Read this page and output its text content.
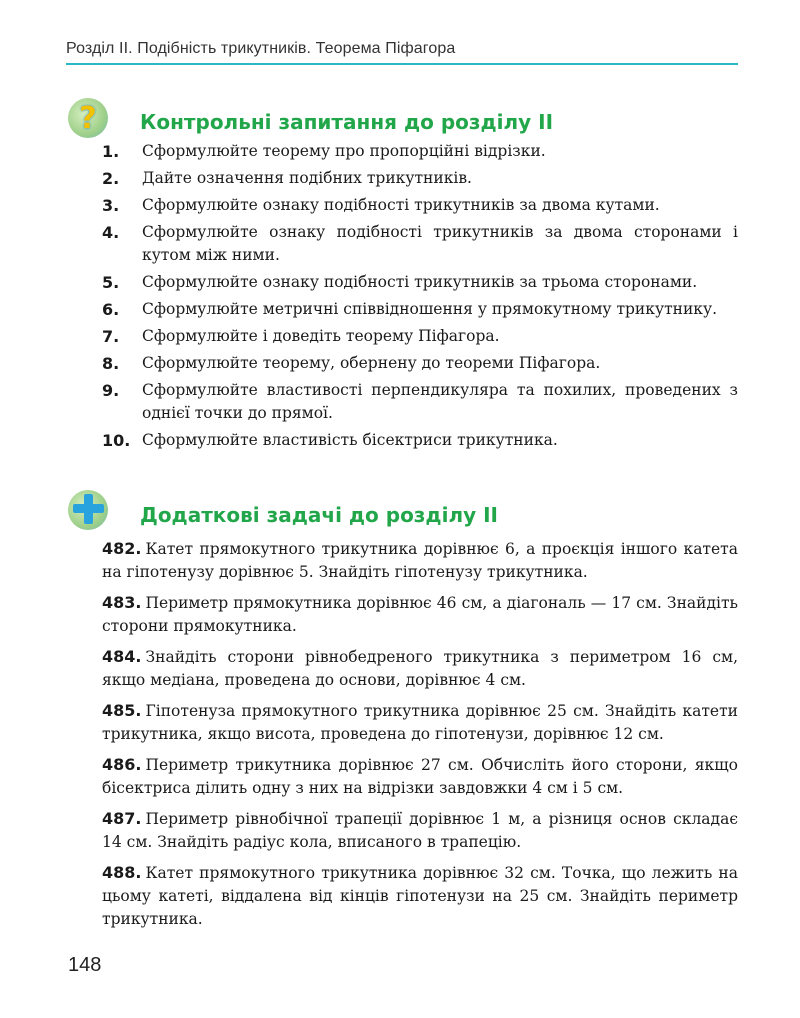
Розділ ІІ. Подібність трикутників. Теорема Піфагора
?	Контрольні запитання до розділу ІІ
1. Сформулюйте теорему про пропорційні відрізки.
2. Дайте означення подібних трикутників.
3. Сформулюйте ознаку подібності трикутників за двома кутами.
4. Сформулюйте ознаку подібності трикутників за двома сторонами і кутом між ними.
5. Сформулюйте ознаку подібності трикутників за трьома сторонами.
6. Сформулюйте метричні співвідношення у прямокутному трикутнику.
7. Сформулюйте і доведіть теорему Піфагора.
8. Сформулюйте теорему, обернену до теореми Піфагора.
9. Сформулюйте властивості перпендикуляра та похилих, проведених з однієї точки до прямої.
10. Сформулюйте властивість бісектриси трикутника.
Додаткові задачі до розділу ІІ
482. Катет прямокутного трикутника дорівнює 6, а проєкція іншого катета на гіпотенузу дорівнює 5. Знайдіть гіпотенузу трикутника.
483. Периметр прямокутника дорівнює 46 см, а діагональ — 17 см. Знайдіть сторони прямокутника.
484. Знайдіть сторони рівнобедреного трикутника з периметром 16 см, якщо медіана, проведена до основи, дорівнює 4 см.
485. Гіпотенуза прямокутного трикутника дорівнює 25 см. Знайдіть катети трикутника, якщо висота, проведена до гіпотенузи, дорівнює 12 см.
486. Периметр трикутника дорівнює 27 см. Обчисліть його сторони, якщо бісектриса ділить одну з них на відрізки завдовжки 4 см і 5 см.
487. Периметр рівнобічної трапеції дорівнює 1 м, а різниця основ складає 14 см. Знайдіть радіус кола, вписаного в трапецію.
488. Катет прямокутного трикутника дорівнює 32 см. Точка, що лежить на цьому катеті, віддалена від кінців гіпотенузи на 25 см. Знайдіть периметр трикутника.
148
